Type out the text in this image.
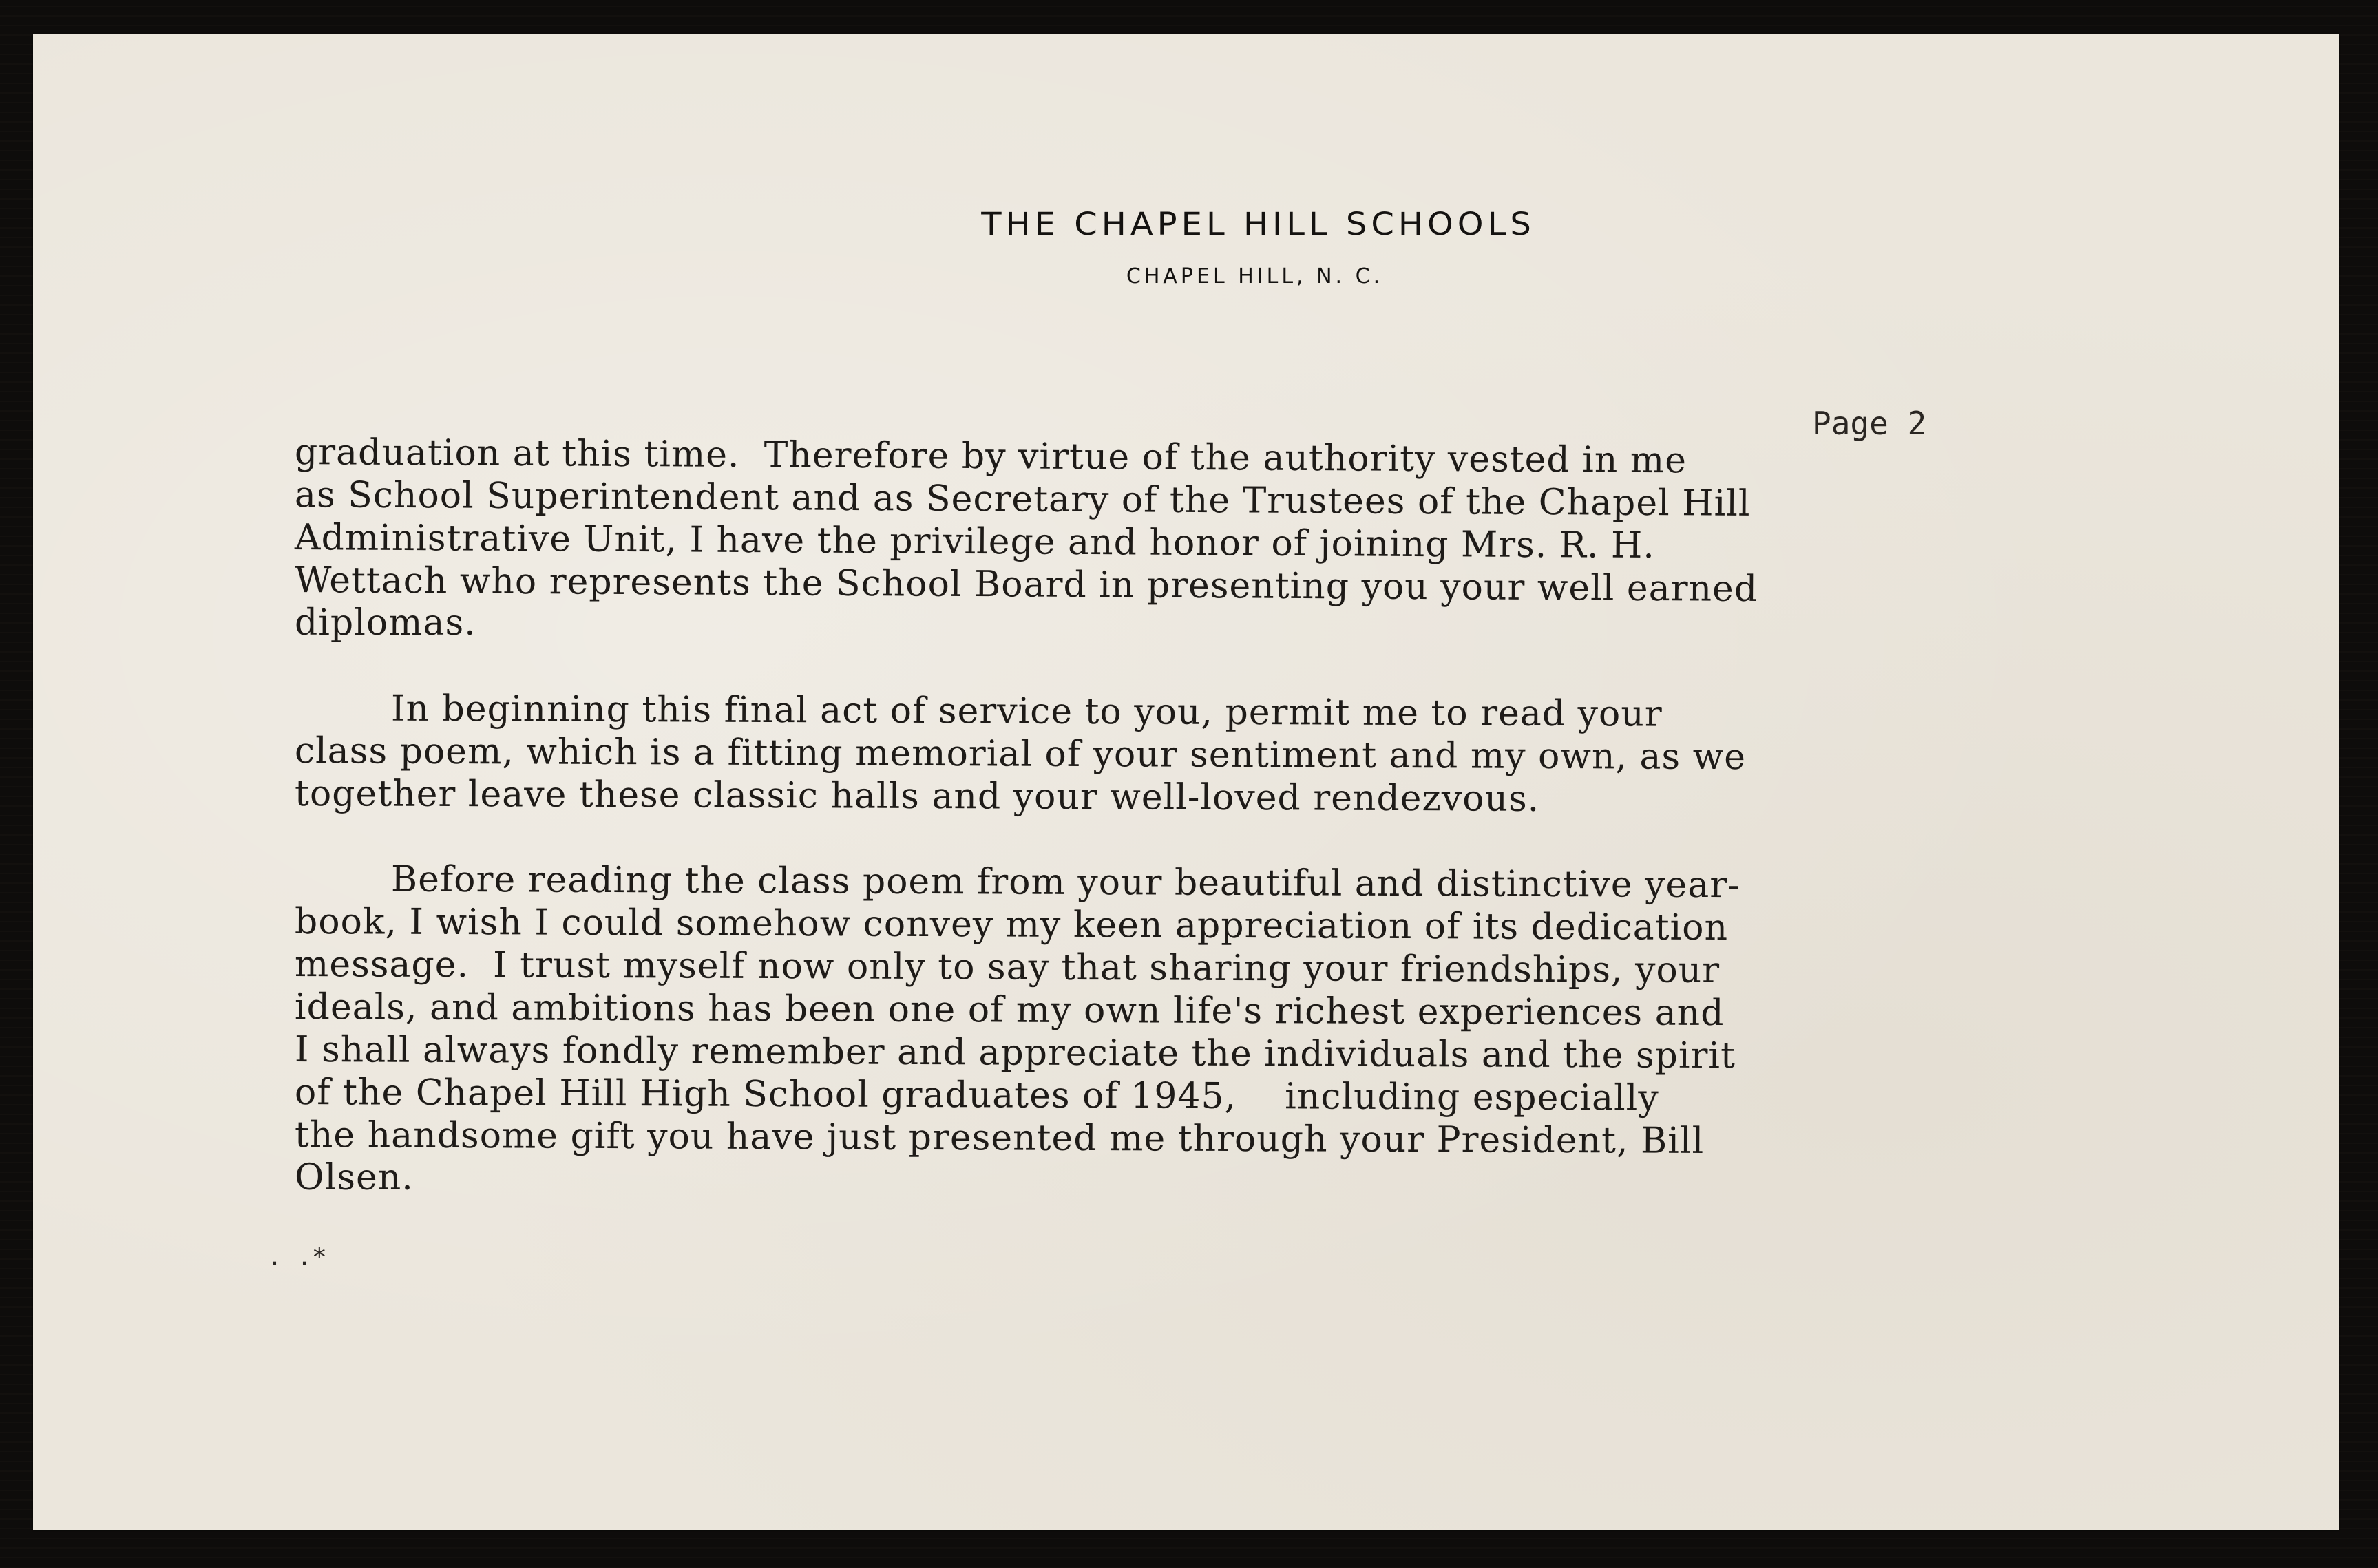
THE CHAPEL HILL SCHOOLS
CHAPEL HILL, N. C.
Page 2
graduation at this time.  Therefore by virtue of the authority vested in me
as School Superintendent and as Secretary of the Trustees of the Chapel Hill
Administrative Unit, I have the privilege and honor of joining Mrs. R. H.
Wettach who represents the School Board in presenting you your well earned
diplomas.
In beginning this final act of service to you, permit me to read your
class poem, which is a fitting memorial of your sentiment and my own, as we
together leave these classic halls and your well-loved rendezvous.
Before reading the class poem from your beautiful and distinctive year-
book, I wish I could somehow convey my keen appreciation of its dedication
message.  I trust myself now only to say that sharing your friendships, your
ideals, and ambitions has been one of my own life's richest experiences and
I shall always fondly remember and appreciate the individuals and the spirit
of the Chapel Hill High School graduates of 1945,    including especially
the handsome gift you have just presented me through your President, Bill
Olsen.
. .*
